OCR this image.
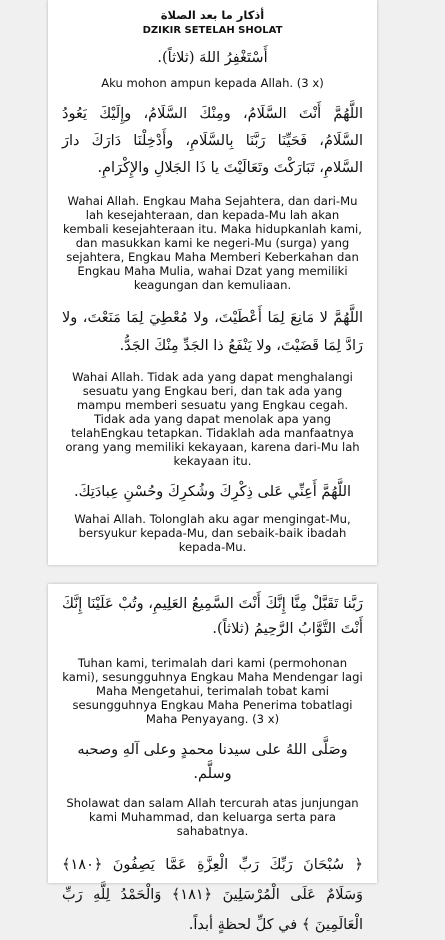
أذكار ما بعد الصلاة
DZIKIR SETELAH SHOLAT
أَسْتَغْفِرُ اللهَ (ثلاثاً).
Aku mohon ampun kepada Allah. (3 x)
اللَّهُمَّ أَنْتَ السَّلَامُ، ومِنْكَ السَّلَامُ، وإِلَيْكَ يَعُودُ السَّلَامُ، فَحَيِّنَا رَبَّنَا بِالسَّلَامِ، وأَدْخِلْنَا دَارَكَ دارَ السَّلامِ، تَبَارَكْتَ وتَعَالَيْتَ يا ذَا الجَلالِ والإِكْرَامِ.
Wahai Allah. Engkau Maha Sejahtera, dan dari-Mu lah kesejahteraan, dan kepada-Mu lah akan kembali kesejahteraan itu. Maka hidupkanlah kami, dan masukkan kami ke negeri-Mu (surga) yang sejahtera, Engkau Maha Memberi Keberkahan dan Engkau Maha Mulia, wahai Dzat yang memiliki keagungan dan kemuliaan.
اللَّهُمَّ لا مَانِعَ لِمَا أَعْطَيْتَ، ولا مُعْطِيَ لِمَا مَنَعْتَ، ولا رَادَّ لِمَا قَضَيْتَ، ولا يَنْفَعُ ذا الجَدِّ مِنْكَ الجَدُّ.
Wahai Allah. Tidak ada yang dapat menghalangi sesuatu yang Engkau beri, dan tak ada yang mampu memberi sesuatu yang Engkau cegah. Tidak ada yang dapat menolak apa yang telahEngkau tetapkan. Tidaklah ada manfaatnya orang yang memiliki kekayaan, karena dari-Mu lah kekayaan itu.
اللَّهُمَّ أَعِنِّي عَلى ذِكْرِكَ وشُكرِكَ وحُسْنِ عِبادَتِكَ.
Wahai Allah. Tolonglah aku agar mengingat-Mu, bersyukur kepada-Mu, dan sebaik-baik ibadah kepada-Mu.
رَبَّنا تَقَبَّلْ مِنَّا إِنَّكَ أَنْتَ السَّمِيعُ العَلِيمِ، وتُبْ عَلَيْنَا إِنَّكَ أَنْتَ التَّوَّابُ الرَّحِيمُ (ثلاثاً).
Tuhan kami, terimalah dari kami (permohonan kami), sesungguhnya Engkau Maha Mendengar lagi Maha Mengetahui, terimalah tobat kami sesungguhnya Engkau Maha Penerima tobatlagi Maha Penyayang. (3 x)
وصَلَّى اللهُ على سيدنا محمدٍ وعلى آلهِ وصحبه وسلَّم.
Sholawat dan salam Allah tercurah atas junjungan kami Muhammad, dan keluarga serta para sahabatnya.
﴿ سُبْحَانَ رَبِّكَ رَبِّ الْعِزَّةِ عَمَّا يَصِفُونَ ﴿١٨٠﴾ وَسَلَامٌ عَلَى الْمُرْسَلِينَ ﴿١٨١﴾ وَالْحَمْدُ لِلَّهِ رَبِّ الْعَالَمِينَ ﴾ في كلِّ لحظةٍ أبداً.
